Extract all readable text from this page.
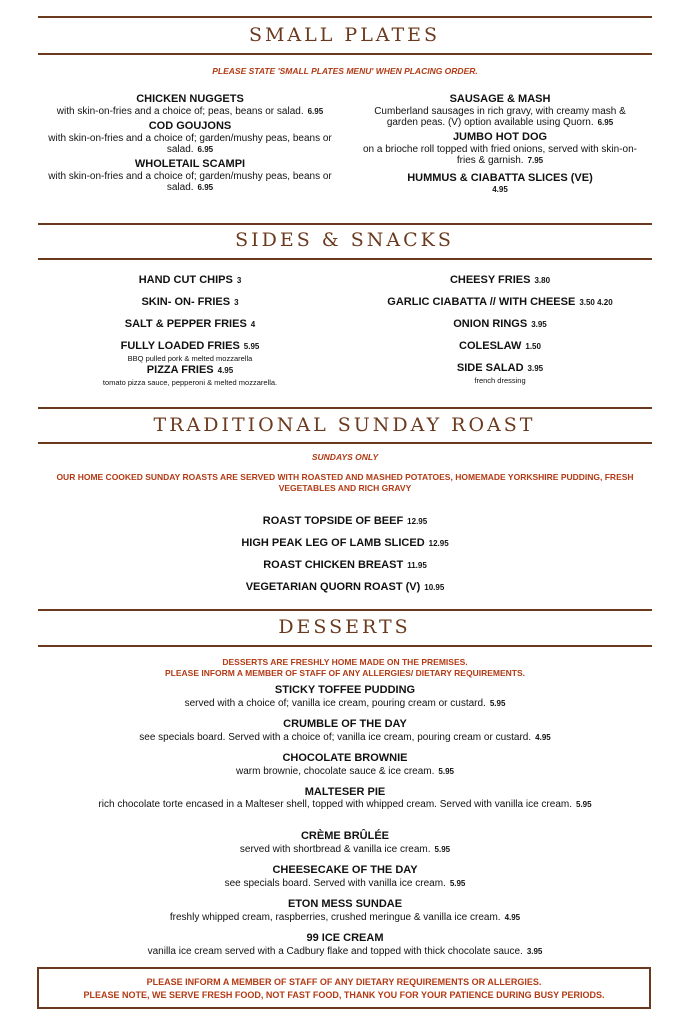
SMALL PLATES
PLEASE STATE 'SMALL PLATES MENU' WHEN PLACING ORDER.
CHICKEN NUGGETS
with skin-on-fries and a choice of; peas, beans or salad. 6.95
COD GOUJONS
with skin-on-fries and a choice of; garden/mushy peas, beans or salad. 6.95
WHOLETAIL SCAMPI
with skin-on-fries and a choice of; garden/mushy peas, beans or salad. 6.95
SAUSAGE & MASH
Cumberland sausages in rich gravy, with creamy mash & garden peas. (V) option available using Quorn. 6.95
JUMBO HOT DOG
on a brioche roll topped with fried onions, served with skin-on-fries & garnish. 7.95
HUMMUS & CIABATTA SLICES (VE)
4.95
SIDES & SNACKS
HAND CUT CHIPS 3
SKIN- ON- FRIES 3
SALT & PEPPER FRIES 4
FULLY LOADED FRIES 5.95
BBQ pulled pork & melted mozzarella
PIZZA FRIES 4.95
tomato pizza sauce, pepperoni & melted mozzarella.
CHEESY FRIES 3.80
GARLIC CIABATTA // WITH CHEESE 3.50 4.20
ONION RINGS 3.95
COLESLAW 1.50
SIDE SALAD 3.95
french dressing
TRADITIONAL SUNDAY ROAST
SUNDAYS ONLY
OUR HOME COOKED SUNDAY ROASTS ARE SERVED WITH ROASTED AND MASHED POTATOES, HOMEMADE YORKSHIRE PUDDING, FRESH VEGETABLES AND RICH GRAVY
ROAST TOPSIDE OF BEEF 12.95
HIGH PEAK LEG OF LAMB SLICED 12.95
ROAST CHICKEN BREAST 11.95
VEGETARIAN QUORN ROAST (V) 10.95
DESSERTS
DESSERTS ARE FRESHLY HOME MADE ON THE PREMISES.
PLEASE INFORM A MEMBER OF STAFF OF ANY ALLERGIES/ DIETARY REQUIREMENTS.
STICKY TOFFEE PUDDING
served with a choice of; vanilla ice cream, pouring cream or custard. 5.95
CRUMBLE OF THE DAY
see specials board. Served with a choice of; vanilla ice cream, pouring cream or custard. 4.95
CHOCOLATE BROWNIE
warm brownie, chocolate sauce & ice cream. 5.95
MALTESER PIE
rich chocolate torte encased in a Malteser shell, topped with whipped cream. Served with vanilla ice cream. 5.95
CRÈME BRÛLÉE
served with shortbread & vanilla ice cream. 5.95
CHEESECAKE OF THE DAY
see specials board. Served with vanilla ice cream. 5.95
ETON MESS SUNDAE
freshly whipped cream, raspberries, crushed meringue & vanilla ice cream. 4.95
99 ICE CREAM
vanilla ice cream served with a Cadbury flake and topped with thick chocolate sauce. 3.95
PLEASE INFORM A MEMBER OF STAFF OF ANY DIETARY REQUIREMENTS OR ALLERGIES.
PLEASE NOTE, WE SERVE FRESH FOOD, NOT FAST FOOD, THANK YOU FOR YOUR PATIENCE DURING BUSY PERIODS.
